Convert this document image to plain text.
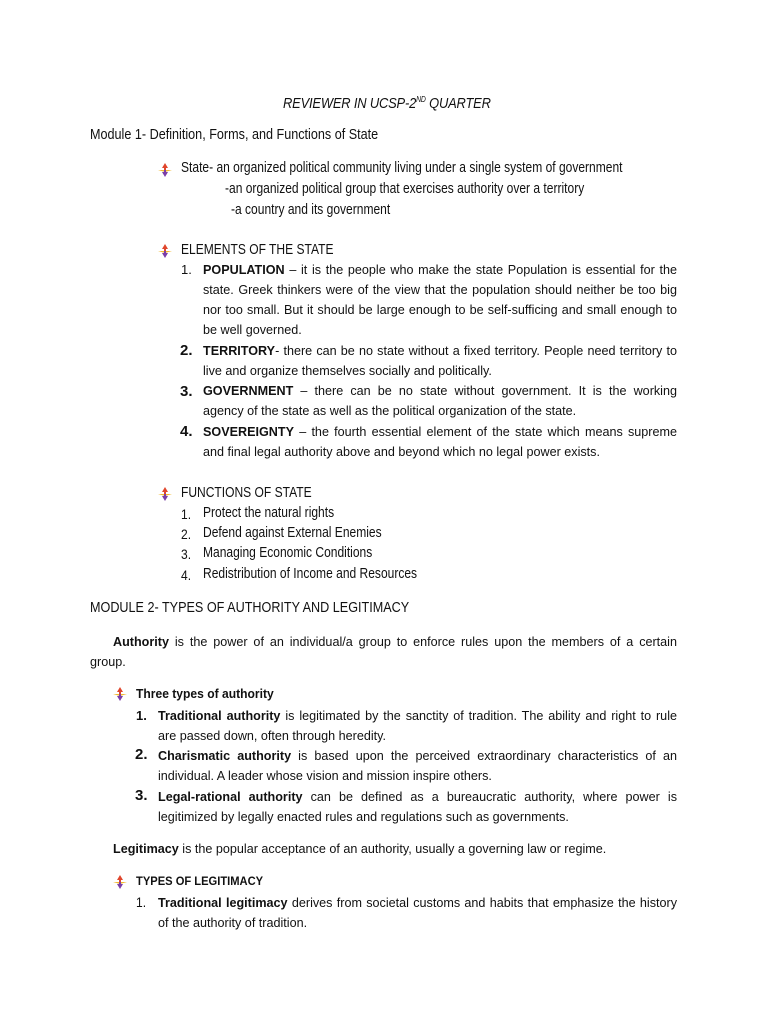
REVIEWER IN UCSP-2ND QUARTER
Module 1- Definition, Forms, and Functions of State
State- an organized political community living under a single system of government
-an organized political group that exercises authority over a territory
-a country and its government
ELEMENTS OF THE STATE
1. POPULATION – it is the people who make the state Population is essential for the
state. Greek thinkers were of the view that the population should neither be too big
nor too small. But it should be large enough to be self-sufficing and small enough to
be well governed.
2. TERRITORY- there can be no state without a fixed territory. People need territory to
live and organize themselves socially and politically.
3. GOVERNMENT – there can be no state without government. It is the working
agency of the state as well as the political organization of the state.
4. SOVEREIGNTY – the fourth essential element of the state which means supreme
and final legal authority above and beyond which no legal power exists.
FUNCTIONS OF STATE
1. Protect the natural rights
2. Defend against External Enemies
3. Managing Economic Conditions
4. Redistribution of Income and Resources
MODULE 2- TYPES OF AUTHORITY AND LEGITIMACY
Authority is the power of an individual/a group to enforce rules upon the members of a certain
group.
Three types of authority
1. Traditional authority is legitimated by the sanctity of tradition. The ability and right to rule
are passed down, often through heredity.
2. Charismatic authority is based upon the perceived extraordinary characteristics of an
individual. A leader whose vision and mission inspire others.
3. Legal-rational authority can be defined as a bureaucratic authority, where power is
legitimized by legally enacted rules and regulations such as governments.
Legitimacy is the popular acceptance of an authority, usually a governing law or regime.
TYPES OF LEGITIMACY
1. Traditional legitimacy derives from societal customs and habits that emphasize the history
of the authority of tradition.
